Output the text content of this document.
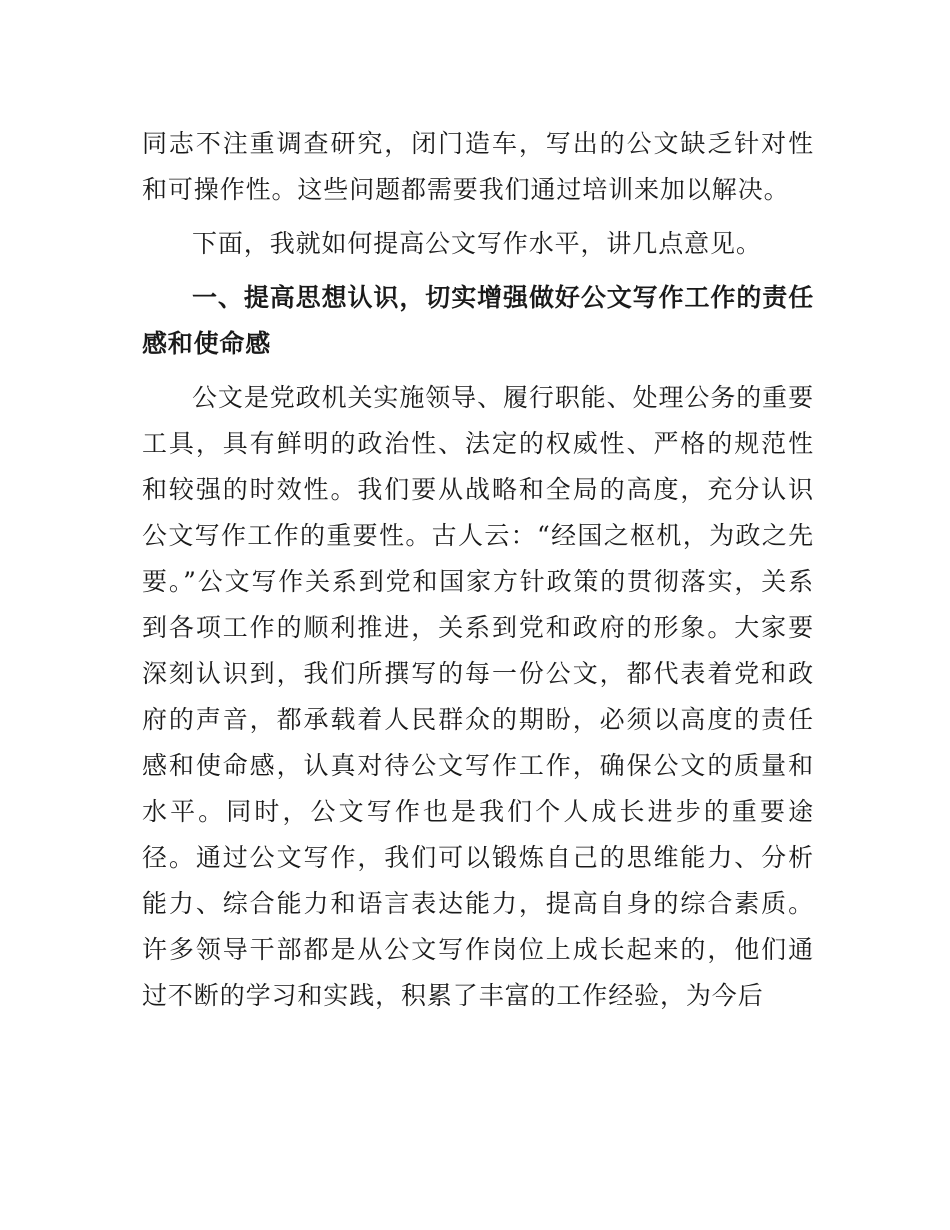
同志不注重调查研究，闭门造车，写出的公文缺乏针对性和可操作性。这些问题都需要我们通过培训来加以解决。

下面，我就如何提高公文写作水平，讲几点意见。

一、提高思想认识，切实增强做好公文写作工作的责任感和使命感

公文是党政机关实施领导、履行职能、处理公务的重要工具，具有鲜明的政治性、法定的权威性、严格的规范性和较强的时效性。我们要从战略和全局的高度，充分认识公文写作工作的重要性。古人云：“经国之枢机，为政之先要。”公文写作关系到党和国家方针政策的贯彻落实，关系到各项工作的顺利推进，关系到党和政府的形象。大家要深刻认识到，我们所撰写的每一份公文，都代表着党和政府的声音，都承载着人民群众的期盼，必须以高度的责任感和使命感，认真对待公文写作工作，确保公文的质量和水平。同时，公文写作也是我们个人成长进步的重要途径。通过公文写作，我们可以锻炼自己的思维能力、分析能力、综合能力和语言表达能力，提高自身的综合素质。许多领导干部都是从公文写作岗位上成长起来的，他们通过不断的学习和实践，积累了丰富的工作经验，为今后
